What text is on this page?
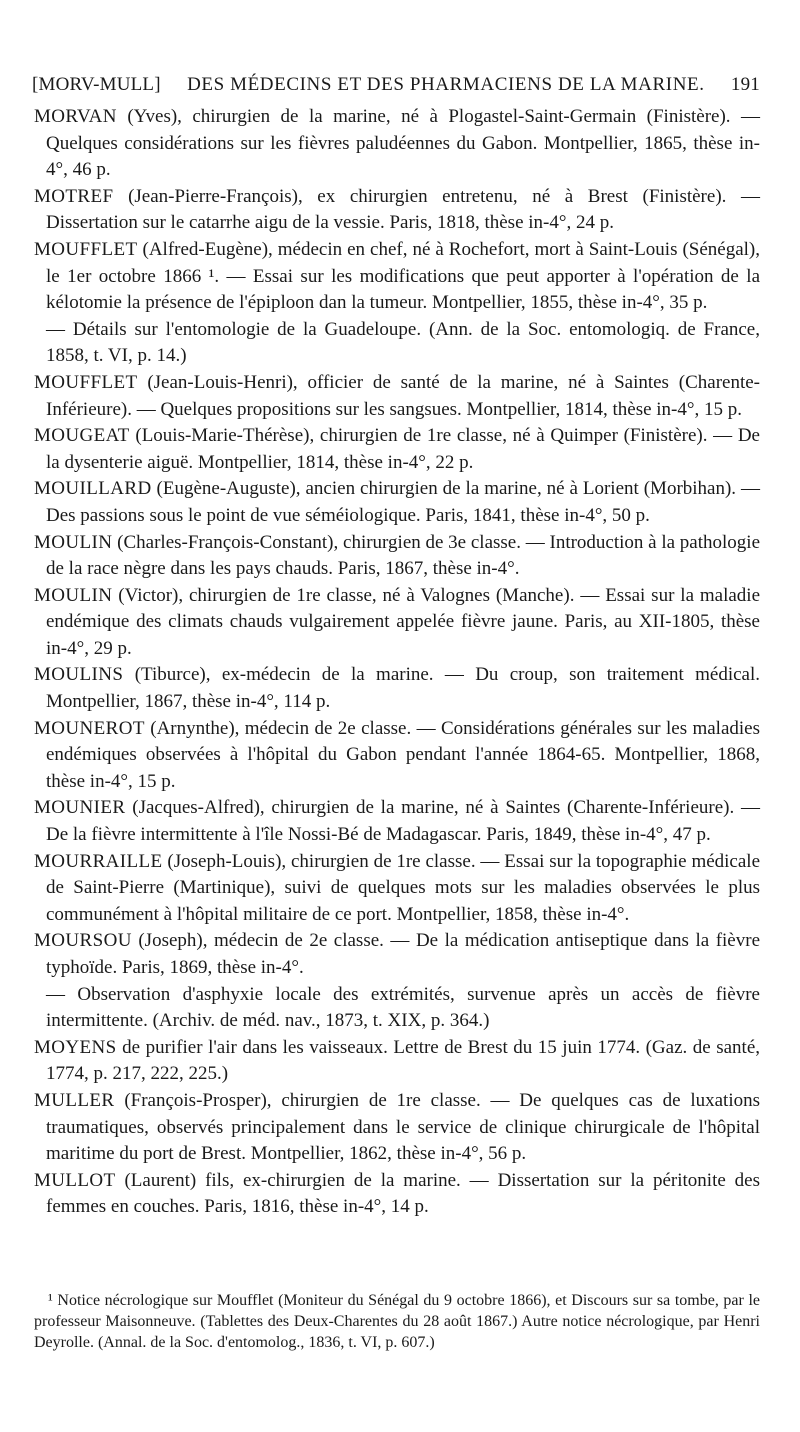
[MORV-MULL]	DES MÉDECINS ET DES PHARMACIENS DE LA MARINE.	191

MORVAN (Yves), chirurgien de la marine, né à Plogastel-Saint-Germain (Finistère). — Quelques considérations sur les fièvres paludéennes du Gabon. Montpellier, 1865, thèse in-4°, 46 p.

MOTREF (Jean-Pierre-François), ex chirurgien entretenu, né à Brest (Finistère). — Dissertation sur le catarrhe aigu de la vessie. Paris, 1818, thèse in-4°, 24 p.

MOUFFLET (Alfred-Eugène), médecin en chef, né à Rochefort, mort à Saint-Louis (Sénégal), le 1er octobre 1866 ¹. — Essai sur les modifications que peut apporter à l'opération de la kélotomie la présence de l'épiploon dan la tumeur. Montpellier, 1855, thèse in-4°, 35 p.

— Détails sur l'entomologie de la Guadeloupe. (Ann. de la Soc. entomologiq. de France, 1858, t. VI, p. 14.)

MOUFFLET (Jean-Louis-Henri), officier de santé de la marine, né à Saintes (Charente-Inférieure). — Quelques propositions sur les sangsues. Montpellier, 1814, thèse in-4°, 15 p.

MOUGEAT (Louis-Marie-Thérèse), chirurgien de 1re classe, né à Quimper (Finistère). — De la dysenterie aiguë. Montpellier, 1814, thèse in-4°, 22 p.

MOUILLARD (Eugène-Auguste), ancien chirurgien de la marine, né à Lorient (Morbihan). — Des passions sous le point de vue séméiologique. Paris, 1841, thèse in-4°, 50 p.

MOULIN (Charles-François-Constant), chirurgien de 3e classe. — Introduction à la pathologie de la race nègre dans les pays chauds. Paris, 1867, thèse in-4°.

MOULIN (Victor), chirurgien de 1re classe, né à Valognes (Manche). — Essai sur la maladie endémique des climats chauds vulgairement appelée fièvre jaune. Paris, au XII-1805, thèse in-4°, 29 p.

MOULINS (Tiburce), ex-médecin de la marine. — Du croup, son traitement médical. Montpellier, 1867, thèse in-4°, 114 p.

MOUNEROT (Arnynthe), médecin de 2e classe. — Considérations générales sur les maladies endémiques observées à l'hôpital du Gabon pendant l'année 1864-65. Montpellier, 1868, thèse in-4°, 15 p.

MOUNIER (Jacques-Alfred), chirurgien de la marine, né à Saintes (Charente-Inférieure). — De la fièvre intermittente à l'île Nossi-Bé de Madagascar. Paris, 1849, thèse in-4°, 47 p.

MOURRAILLE (Joseph-Louis), chirurgien de 1re classe. — Essai sur la topographie médicale de Saint-Pierre (Martinique), suivi de quelques mots sur les maladies observées le plus communément à l'hôpital militaire de ce port. Montpellier, 1858, thèse in-4°.

MOURSOU (Joseph), médecin de 2e classe. — De la médication antiseptique dans la fièvre typhoïde. Paris, 1869, thèse in-4°.

— Observation d'asphyxie locale des extrémités, survenue après un accès de fièvre intermittente. (Archiv. de méd. nav., 1873, t. XIX, p. 364.)

MOYENS de purifier l'air dans les vaisseaux. Lettre de Brest du 15 juin 1774. (Gaz. de santé, 1774, p. 217, 222, 225.)

MULLER (François-Prosper), chirurgien de 1re classe. — De quelques cas de luxations traumatiques, observés principalement dans le service de clinique chirurgicale de l'hôpital maritime du port de Brest. Montpellier, 1862, thèse in-4°, 56 p.

MULLOT (Laurent) fils, ex-chirurgien de la marine. — Dissertation sur la péritonite des femmes en couches. Paris, 1816, thèse in-4°, 14 p.

¹ Notice nécrologique sur Moufflet (Moniteur du Sénégal du 9 octobre 1866), et Discours sur sa tombe, par le professeur Maisonneuve. (Tablettes des Deux-Charentes du 28 août 1867.) Autre notice nécrologique, par Henri Deyrolle. (Annal. de la Soc. d'entomolog., 1836, t. VI, p. 607.)
